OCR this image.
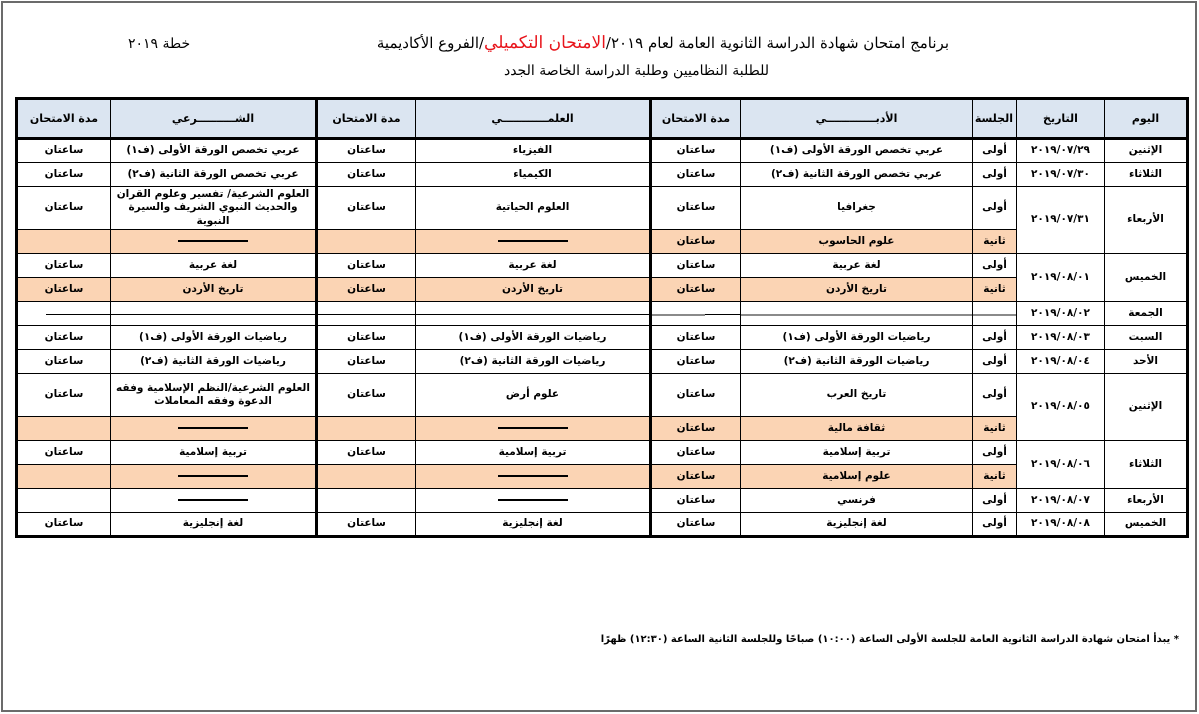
برنامج امتحان شهادة الدراسة الثانوية العامة لعام ٢٠١٩/الامتحان التكميلي/الفروع الأكاديمية
للطلبة النظاميين وطلبة الدراسة الخاصة الجدد
خطة ٢٠١٩
اليوم	التاريخ	الجلسة	الأدبـــــــــــــي	مدة الامتحان	العلمــــــــــــي	مدة الامتحان	الشــــــــــرعي	مدة الامتحان
الإثنين	٢٠١٩/٠٧/٢٩	أولى	عربي تخصص الورقة الأولى (ف١)	ساعتان	الفيزياء	ساعتان	عربي تخصص الورقة الأولى (ف١)	ساعتان
الثلاثاء	٢٠١٩/٠٧/٣٠	أولى	عربي تخصص الورقة الثانية (ف٢)	ساعتان	الكيمياء	ساعتان	عربي تخصص الورقة الثانية (ف٢)	ساعتان
الأربعاء	٢٠١٩/٠٧/٣١	أولى	جغرافيا	ساعتان	العلوم الحياتية	ساعتان	العلوم الشرعية/ تفسير وعلوم القران والحديث النبوي الشريف والسيرة النبوية	ساعتان
		ثانية	علوم الحاسوب	ساعتان				
الخميس	٢٠١٩/٠٨/٠١	أولى	لغة عربية	ساعتان	لغة عربية	ساعتان	لغة عربية	ساعتان
		ثانية	تاريخ الأردن	ساعتان	تاريخ الأردن	ساعتان	تاريخ الأردن	ساعتان
الجمعة	٢٠١٩/٠٨/٠٢	

السبت	٢٠١٩/٠٨/٠٣	أولى	رياضيات الورقة الأولى (ف١)	ساعتان	رياضيات الورقة الأولى (ف١)	ساعتان	رياضيات الورقة الأولى (ف١)	ساعتان
الأحد	٢٠١٩/٠٨/٠٤	أولى	رياضيات الورقة الثانية (ف٢)	ساعتان	رياضيات الورقة الثانية (ف٢)	ساعتان	رياضيات الورقة الثانية (ف٢)	ساعتان
الإثنين	٢٠١٩/٠٨/٠٥	أولى	تاريخ العرب	ساعتان	علوم أرض	ساعتان	العلوم الشرعية/النظم الإسلامية وفقه الدعوة وفقه المعاملات	ساعتان
		ثانية	ثقافة مالية	ساعتان				
الثلاثاء	٢٠١٩/٠٨/٠٦	أولى	تربية إسلامية	ساعتان	تربية إسلامية	ساعتان	تربية إسلامية	ساعتان
		ثانية	علوم إسلامية	ساعتان				
الأربعاء	٢٠١٩/٠٨/٠٧	أولى	فرنسي	ساعتان				
الخميس	٢٠١٩/٠٨/٠٨	أولى	لغة إنجليزية	ساعتان	لغة إنجليزية	ساعتان	لغة إنجليزية	ساعتان
* يبدأ امتحان شهادة الدراسة الثانوية العامة للجلسة الأولى الساعة (١٠:٠٠) صباحًا وللجلسة الثانية الساعة (١٢:٣٠) ظهرًا
